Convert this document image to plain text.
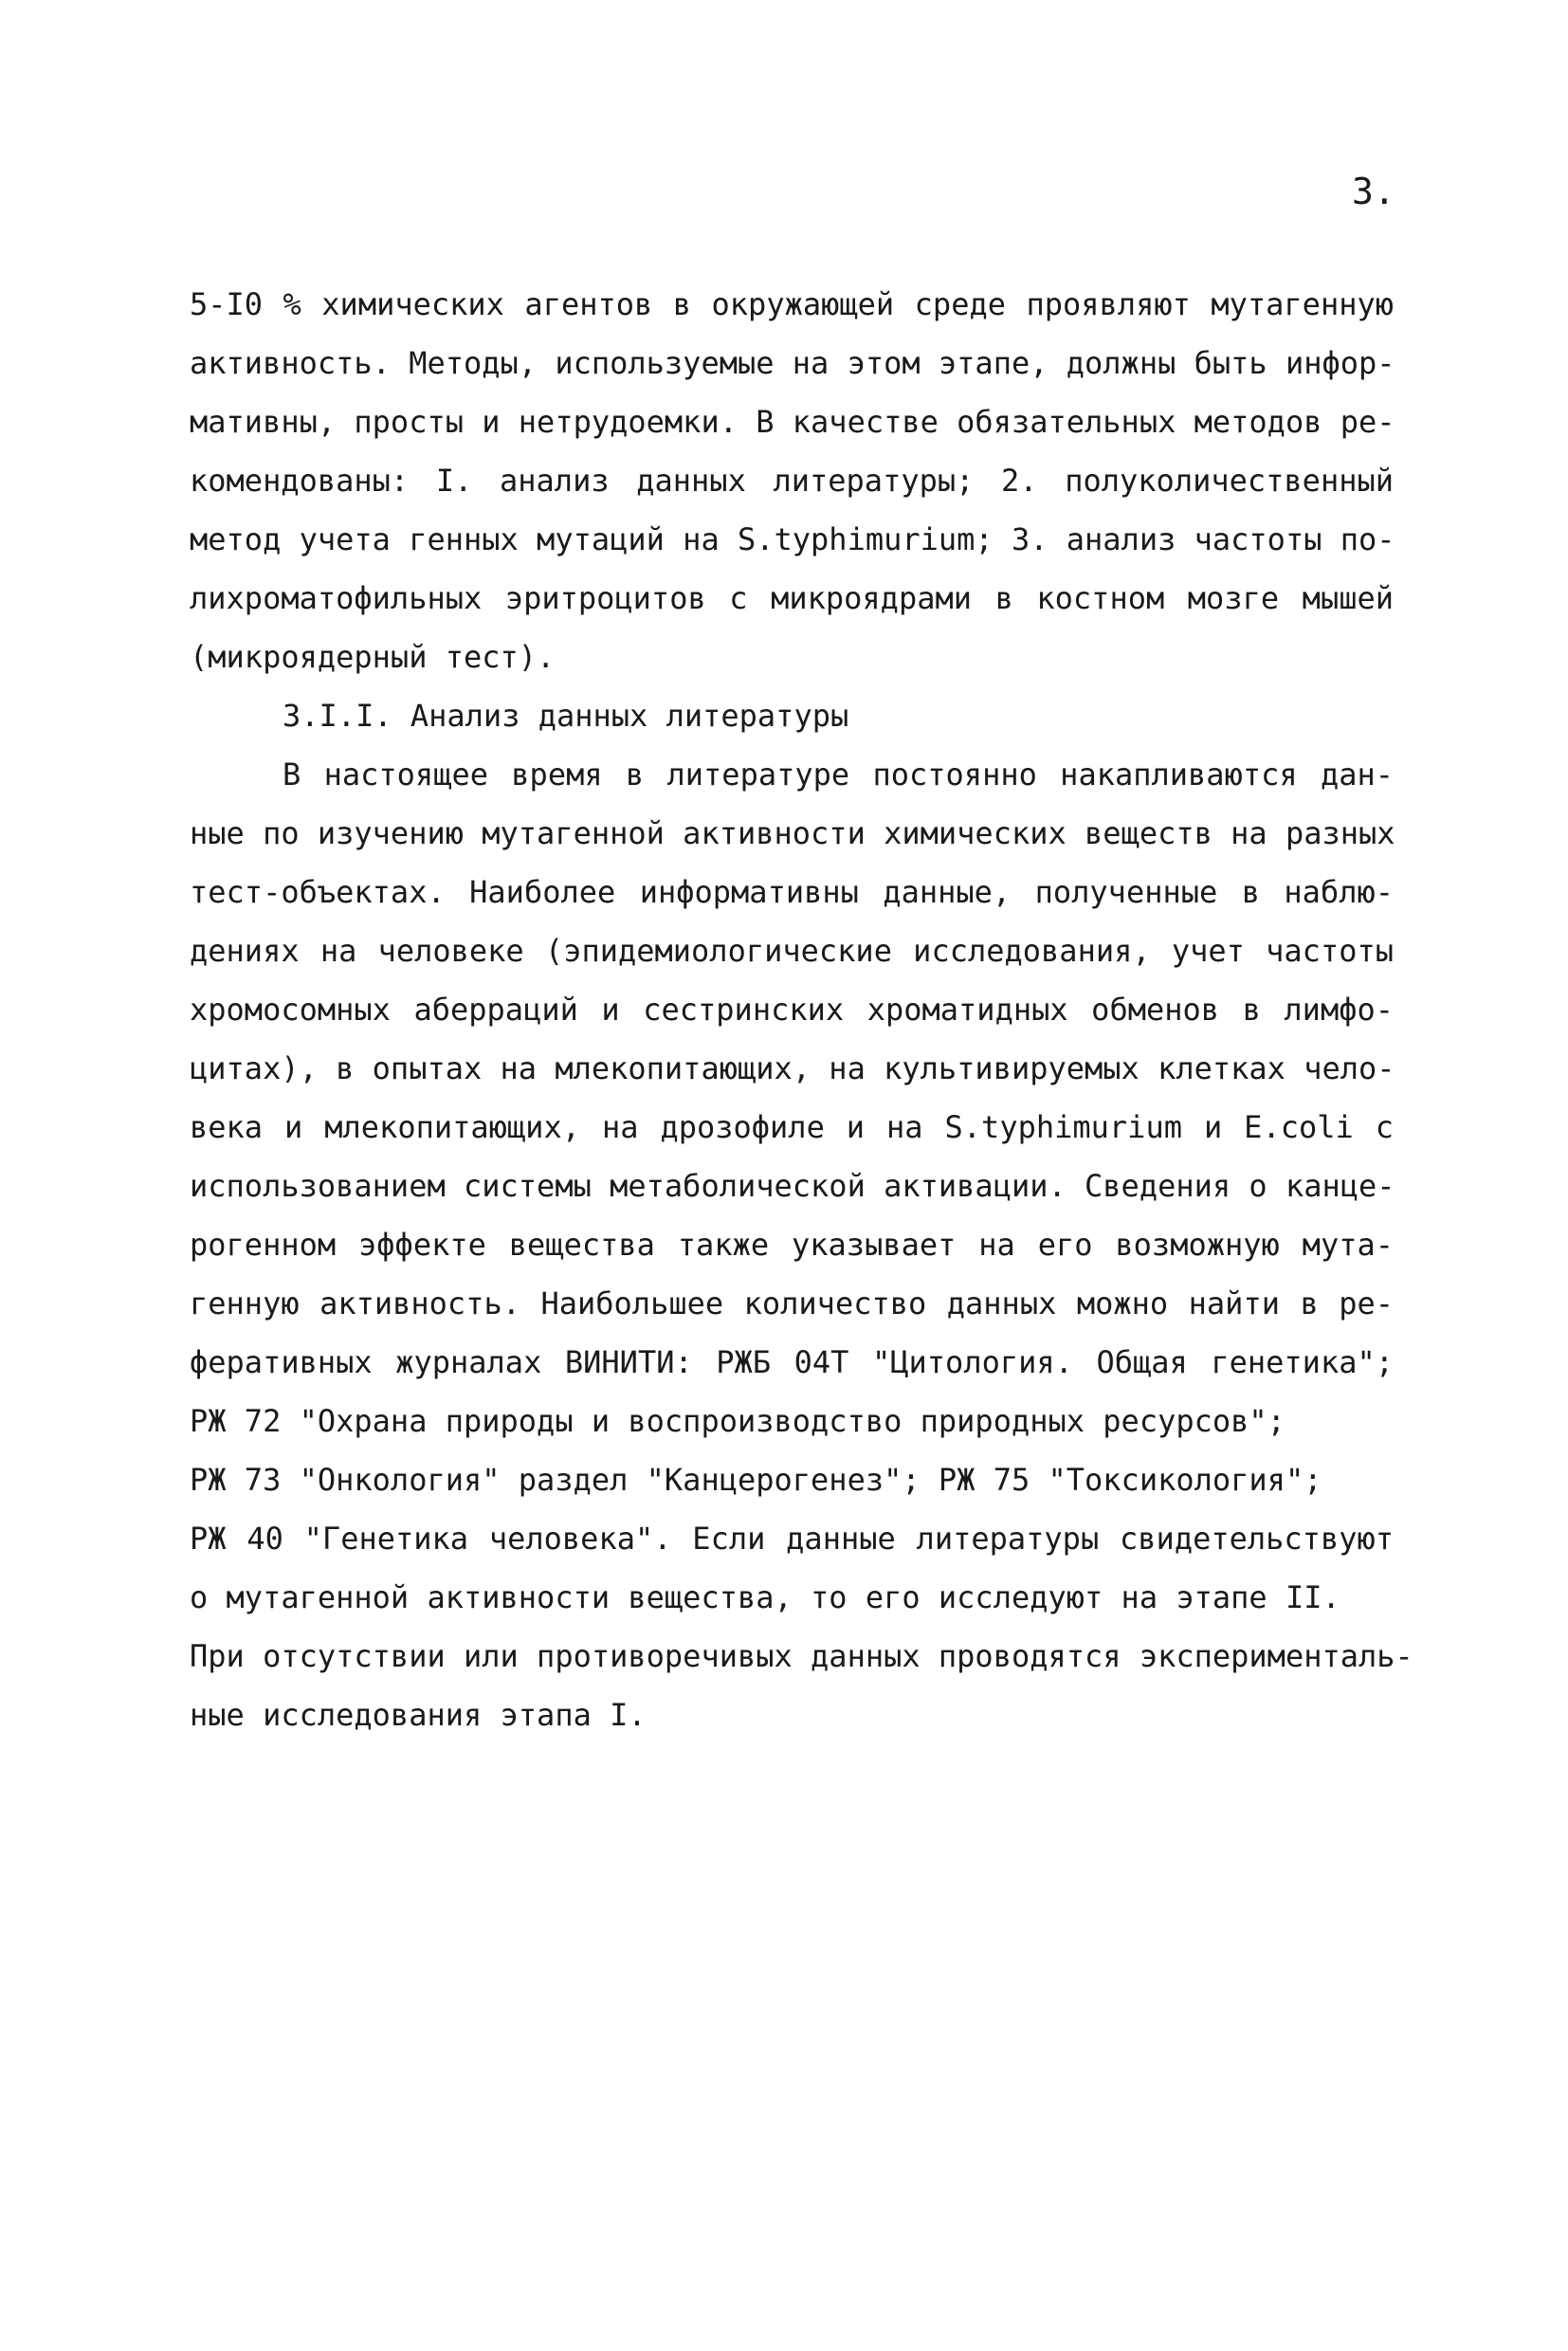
3.
5-I0 % химических агентов в окружающей среде проявляют мутагенную
активность. Методы, используемые на этом этапе, должны быть инфор-
мативны, просты и нетрудоемки. В качестве обязательных методов ре-
комендованы: I. анализ данных литературы; 2. полуколичественный
метод учета генных мутаций на S.typhimurium; 3. анализ частоты по-
лихроматофильных эритроцитов с микроядрами в костном мозге мышей
(микроядерный тест).
3.I.I. Анализ данных литературы
В настоящее время в литературе постоянно накапливаются дан-
ные по изучению мутагенной активности химических веществ на разных
тест-объектах. Наиболее информативны данные, полученные в наблю-
дениях на человеке (эпидемиологические исследования, учет частоты
хромосомных аберраций и сестринских хроматидных обменов в лимфо-
цитах), в опытах на млекопитающих, на культивируемых клетках чело-
века и млекопитающих, на дрозофиле и на S.typhimurium и E.coli с
использованием системы метаболической активации. Сведения о канце-
рогенном эффекте вещества также указывает на его возможную мута-
генную активность. Наибольшее количество данных можно найти в ре-
феративных журналах ВИНИТИ: РЖБ 04Т "Цитология. Общая генетика";
РЖ 72 "Охрана природы и воспроизводство природных ресурсов";
РЖ 73 "Онкология" раздел "Канцерогенез"; РЖ 75 "Токсикология";
РЖ 40 "Генетика человека". Если данные литературы свидетельствуют
о мутагенной активности вещества, то его исследуют на этапе II.
При отсутствии или противоречивых данных проводятся эксперименталь-
ные исследования этапа I.
